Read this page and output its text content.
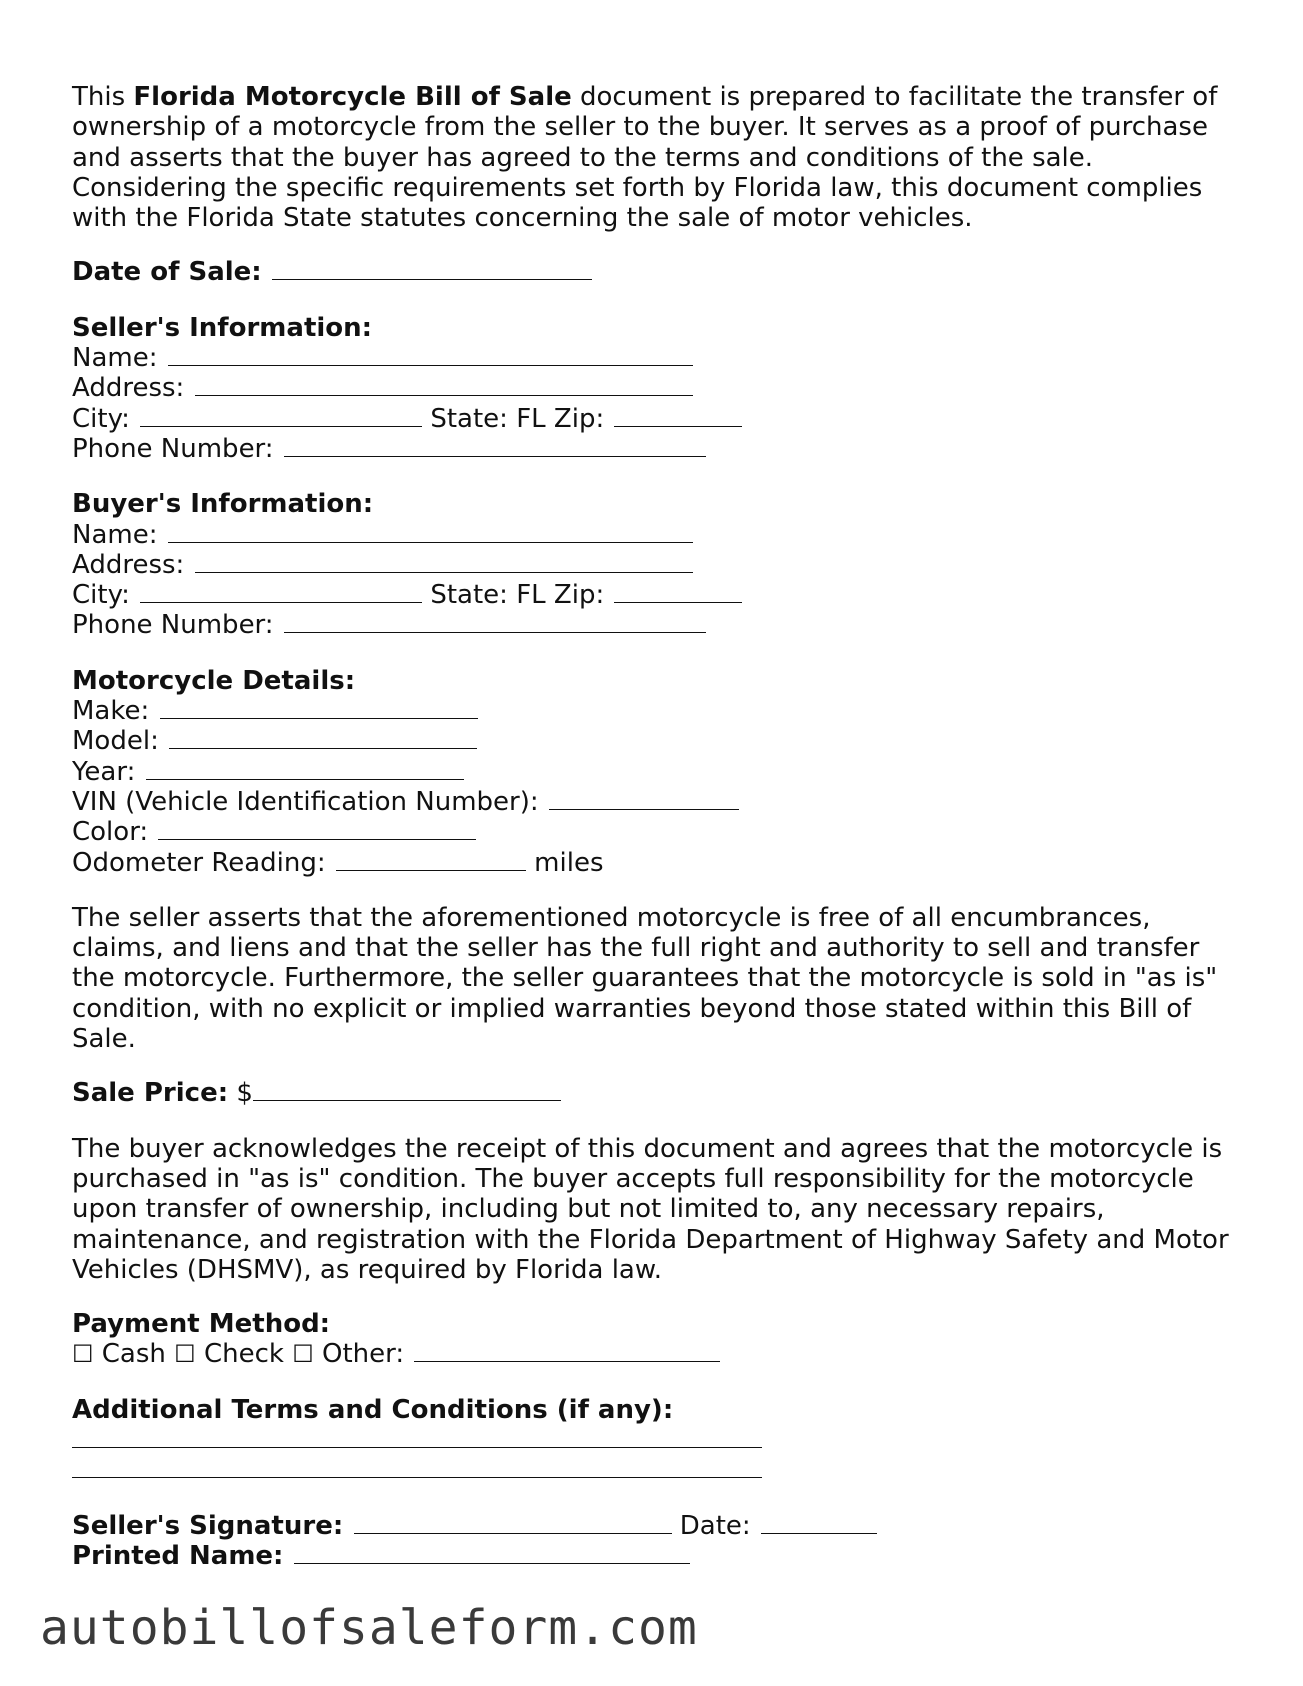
This Florida Motorcycle Bill of Sale document is prepared to facilitate the transfer of ownership of a motorcycle from the seller to the buyer. It serves as a proof of purchase and asserts that the buyer has agreed to the terms and conditions of the sale. Considering the specific requirements set forth by Florida law, this document complies with the Florida State statutes concerning the sale of motor vehicles.

Date of Sale:
Seller's Information:
Name:
Address:
City:	State: FL Zip:
Phone Number:
Buyer's Information:
Name:
Address:
City:	State: FL Zip:
Phone Number:
Motorcycle Details:
Make:
Model:
Year:
VIN (Vehicle Identification Number):
Color:
Odometer Reading:	miles

The seller asserts that the aforementioned motorcycle is free of all encumbrances, claims, and liens and that the seller has the full right and authority to sell and transfer the motorcycle. Furthermore, the seller guarantees that the motorcycle is sold in "as is" condition, with no explicit or implied warranties beyond those stated within this Bill of Sale.

Sale Price: $

The buyer acknowledges the receipt of this document and agrees that the motorcycle is purchased in "as is" condition. The buyer accepts full responsibility for the motorcycle upon transfer of ownership, including but not limited to, any necessary repairs, maintenance, and registration with the Florida Department of Highway Safety and Motor Vehicles (DHSMV), as required by Florida law.

Payment Method:
☐ Cash ☐ Check ☐ Other:
Additional Terms and Conditions (if any):
Seller's Signature:	Date:
Printed Name:
autobillofsaleform.com
